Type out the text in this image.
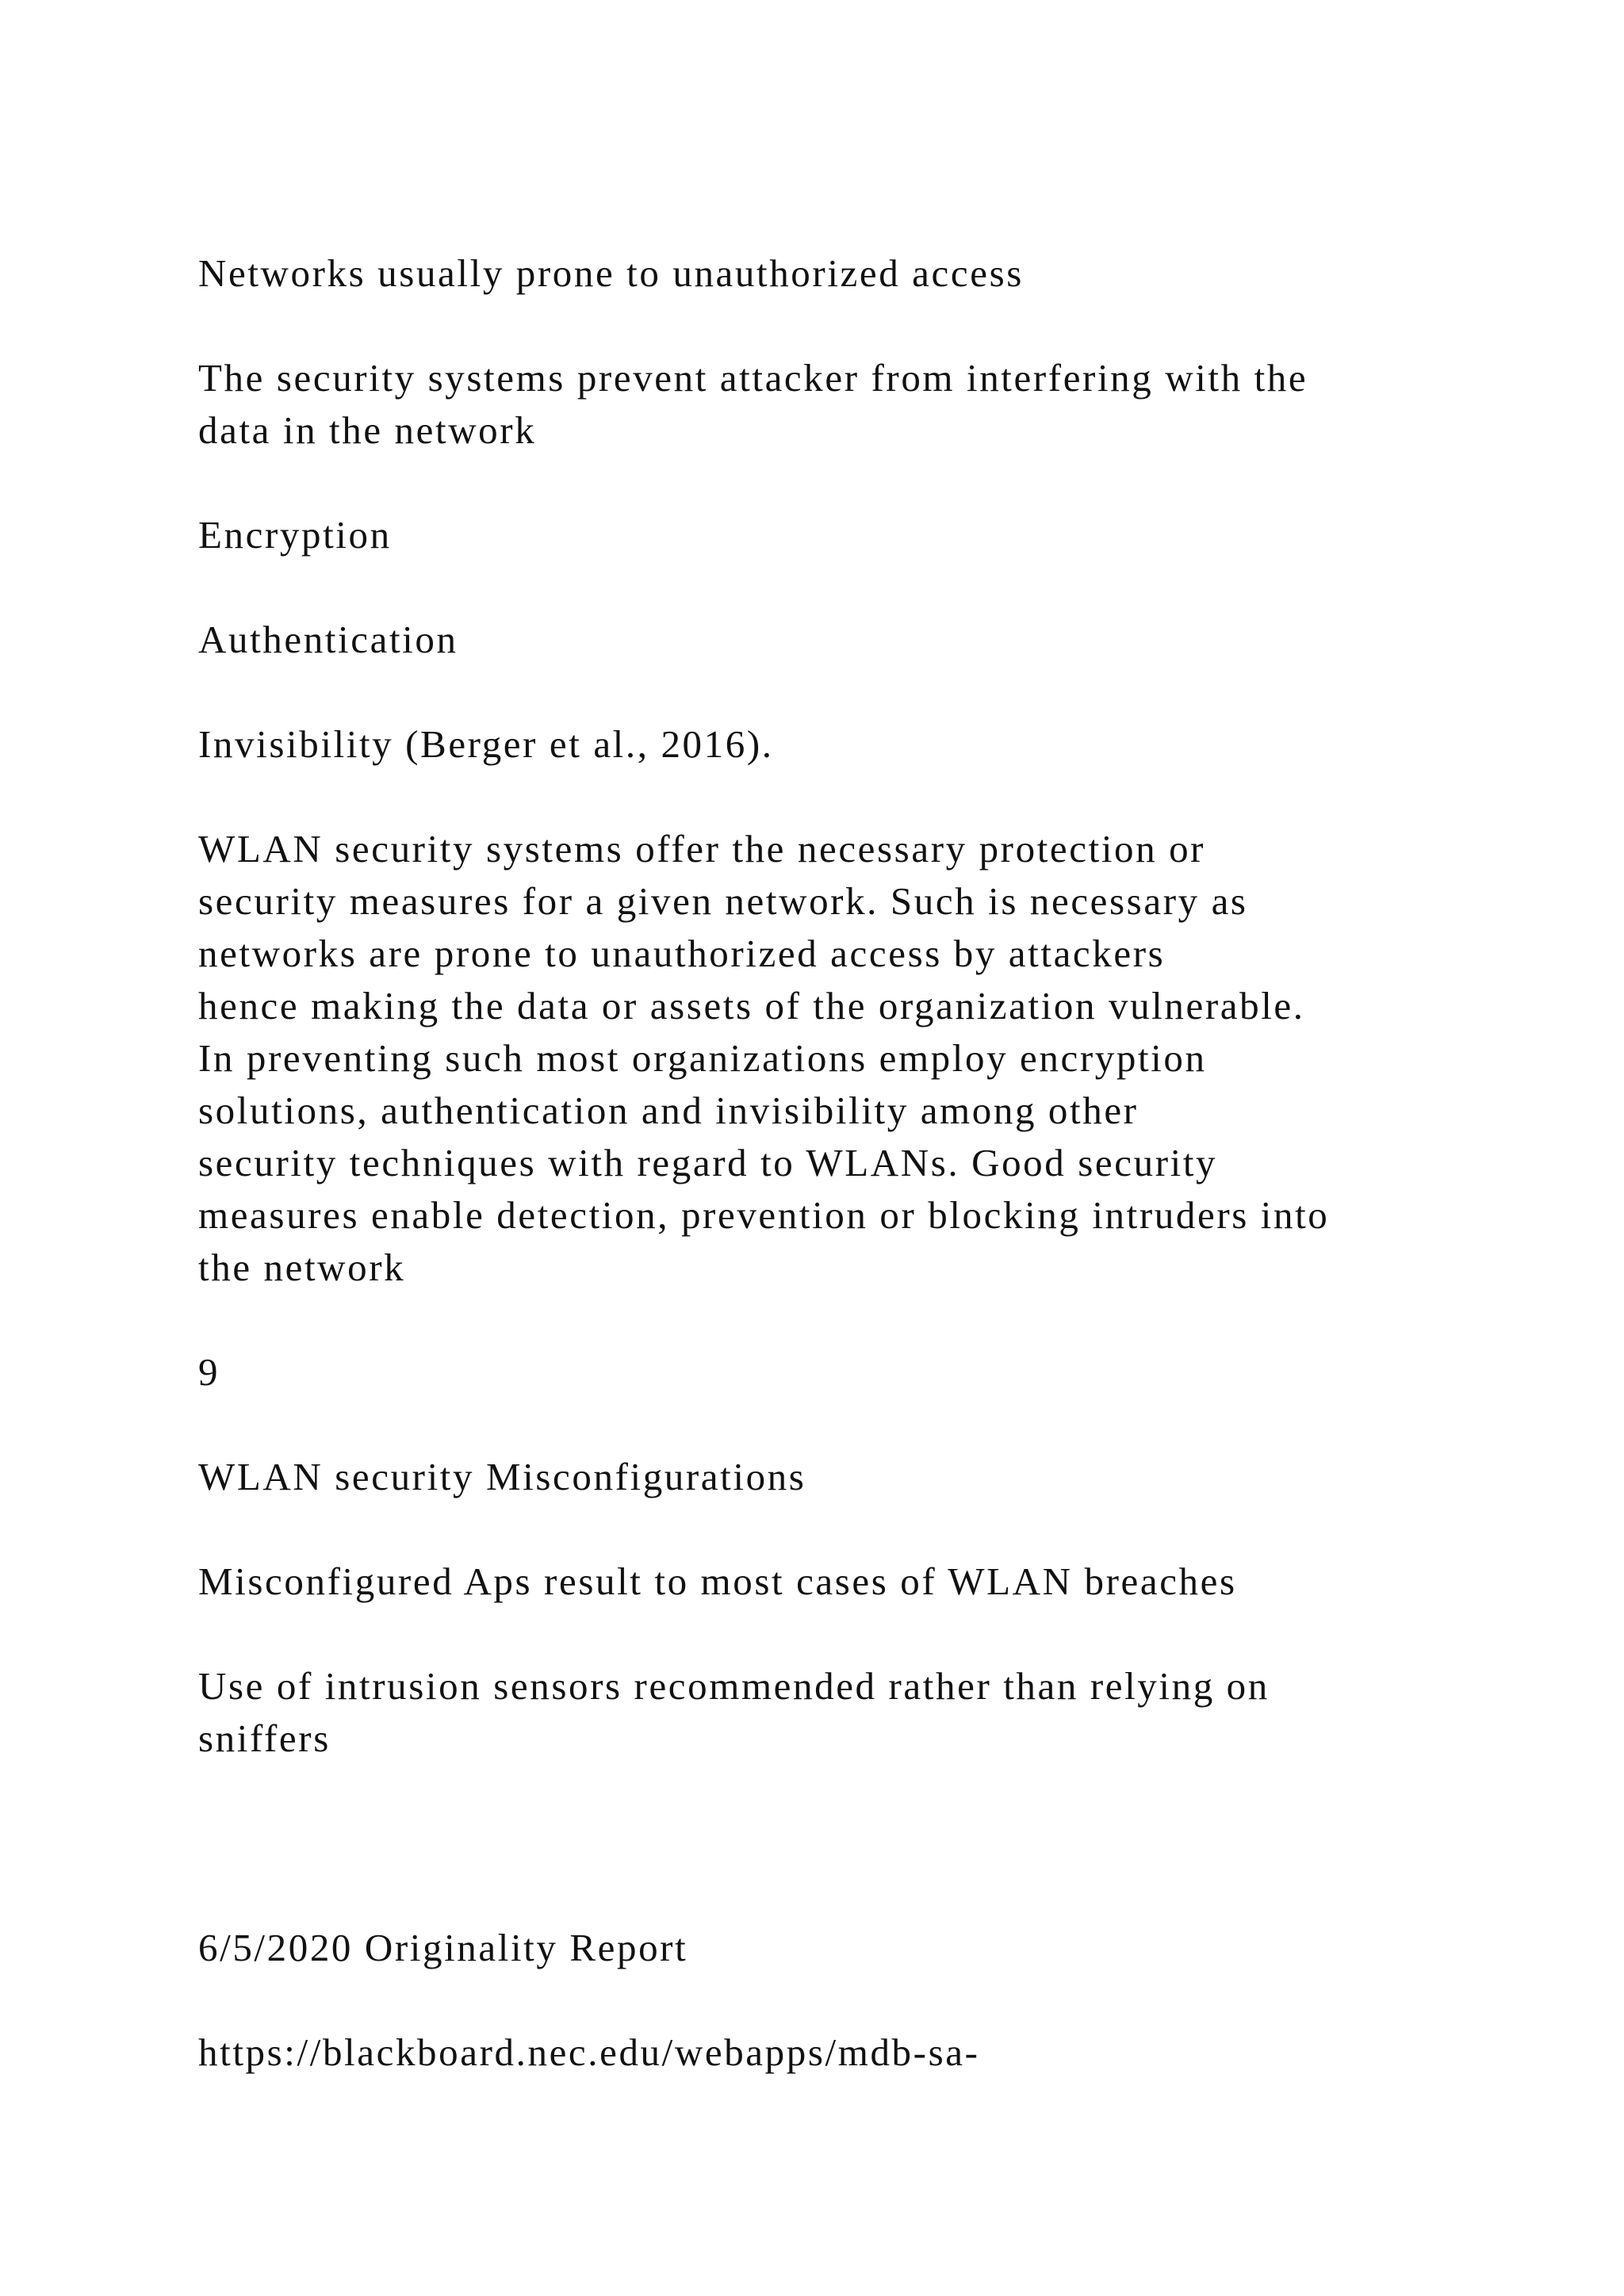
Networks usually prone to unauthorized access

The security systems prevent attacker from interfering with the
data in the network

Encryption

Authentication

Invisibility (Berger et al., 2016).

WLAN security systems offer the necessary protection or
security measures for a given network. Such is necessary as
networks are prone to unauthorized access by attackers
hence making the data or assets of the organization vulnerable.
In preventing such most organizations employ encryption
solutions, authentication and invisibility among other
security techniques with regard to WLANs. Good security
measures enable detection, prevention or blocking intruders into
the network

9

WLAN security Misconfigurations

Misconfigured Aps result to most cases of WLAN breaches

Use of intrusion sensors recommended rather than relying on
sniffers

6/5/2020 Originality Report

https://blackboard.nec.edu/webapps/mdb-sa-
